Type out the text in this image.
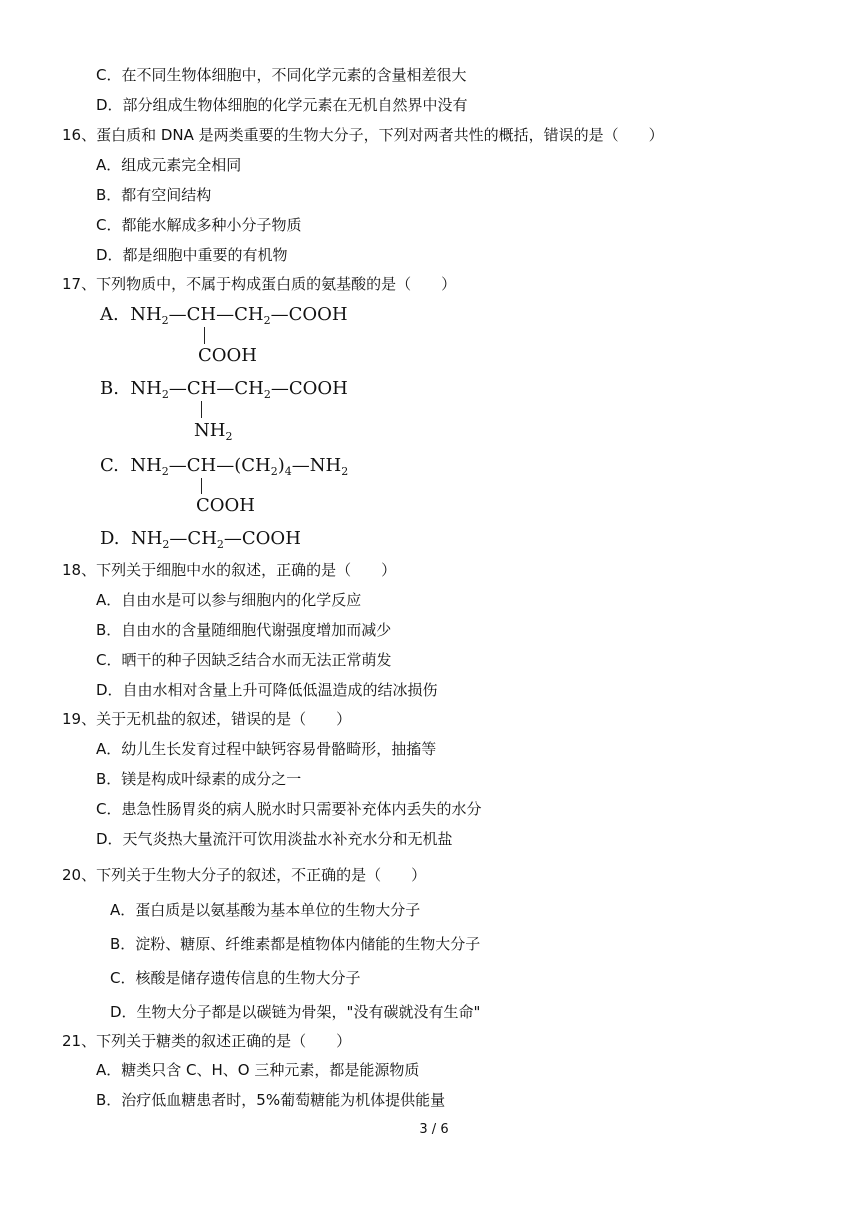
C．在不同生物体细胞中，不同化学元素的含量相差很大
D．部分组成生物体细胞的化学元素在无机自然界中没有
16、蛋白质和 DNA 是两类重要的生物大分子，下列对两者共性的概括，错误的是（　　）
A．组成元素完全相同
B．都有空间结构
C．都能水解成多种小分子物质
D．都是细胞中重要的有机物
17、下列物质中，不属于构成蛋白质的氨基酸的是（　　）
A. $NH_2—CH—CH_2—COOH$
COOH
B. $NH_2—CH—CH_2—COOH$
$NH_2$
C. $NH_2—CH—(CH_2)_4—NH_2$
COOH
D. $NH_2—CH_2—COOH$
18、下列关于细胞中水的叙述，正确的是（　　）
A．自由水是可以参与细胞内的化学反应
B．自由水的含量随细胞代谢强度增加而减少
C．晒干的种子因缺乏结合水而无法正常萌发
D．自由水相对含量上升可降低低温造成的结冰损伤
19、关于无机盐的叙述，错误的是（　　）
A．幼儿生长发育过程中缺钙容易骨骼畸形，抽搐等
B．镁是构成叶绿素的成分之一
C．患急性肠胃炎的病人脱水时只需要补充体内丢失的水分
D．天气炎热大量流汗可饮用淡盐水补充水分和无机盐
20、下列关于生物大分子的叙述，不正确的是（　　）
A．蛋白质是以氨基酸为基本单位的生物大分子
B．淀粉、糖原、纤维素都是植物体内储能的生物大分子
C．核酸是储存遗传信息的生物大分子
D．生物大分子都是以碳链为骨架，"没有碳就没有生命"
21、下列关于糖类的叙述正确的是（　　）
A．糖类只含 C、H、O 三种元素，都是能源物质
B．治疗低血糖患者时，5%葡萄糖能为机体提供能量
3 / 6
